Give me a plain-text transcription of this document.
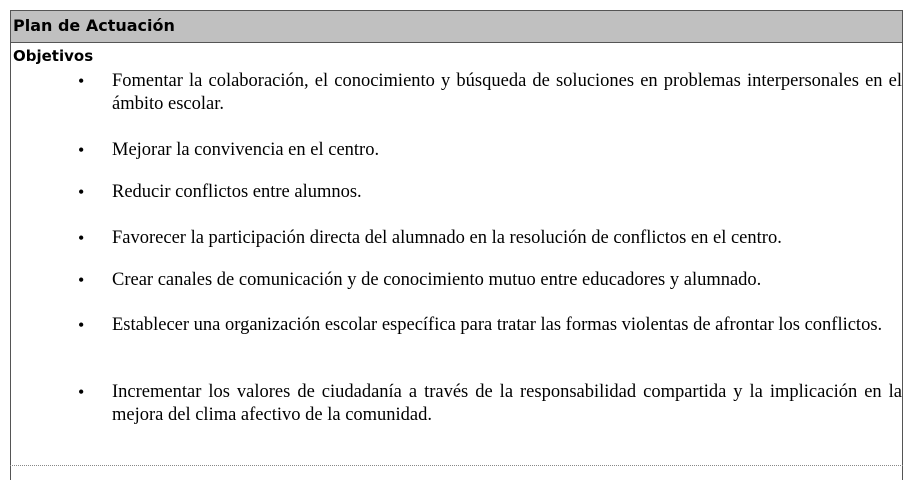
Plan de Actuación
Objetivos
•	Fomentar la colaboración, el conocimiento y búsqueda de soluciones en problemas interpersonales en el ámbito escolar.
•	Mejorar la convivencia en el centro.
•	Reducir conflictos entre alumnos.
•	Favorecer la participación directa del alumnado en la resolución de conflictos en el centro.
•	Crear canales de comunicación y de conocimiento mutuo entre educadores y alumnado.
•	Establecer una organización escolar específica para tratar las formas violentas de afrontar los conflictos.
•	Incrementar los valores de ciudadanía a través de la responsabilidad compartida y la implicación en la mejora del clima afectivo de la comunidad.
